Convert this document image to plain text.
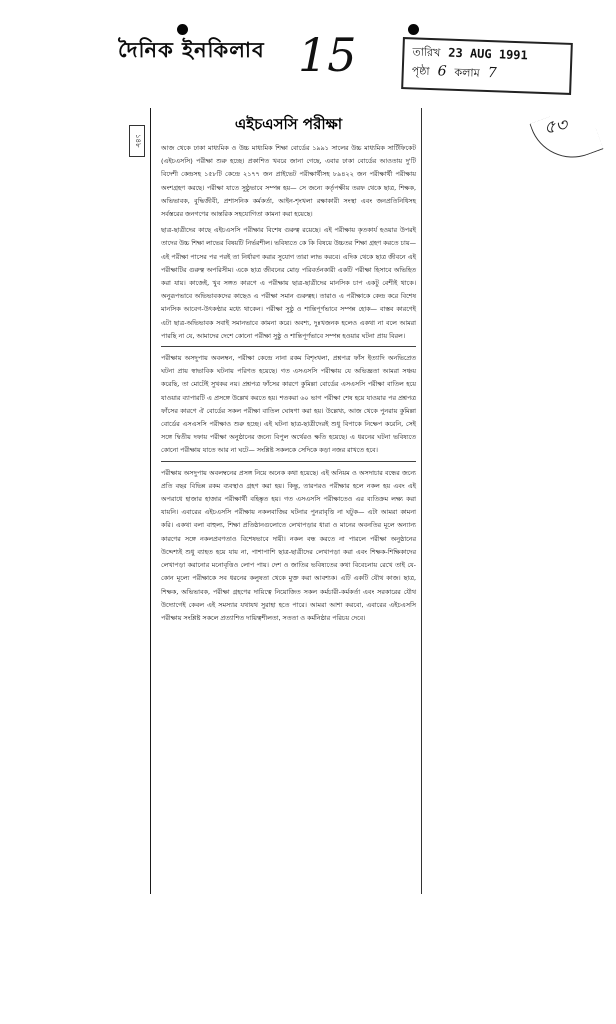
দৈনিক ইনকিলাব 15	তারিখ 23 AUG 1991
পৃষ্ঠা 6 কলাম 7
৫৩
১৪৮
এইচএসসি পরীক্ষা

আজ থেকে ঢাকা মাধ্যমিক ও উচ্চ মাধ্যমিক শিক্ষা বোর্ডের ১৯৯১ সালের উচ্চ মাধ্যমিক সার্টিফিকেট (এইচএসসি) পরীক্ষা শুরু হচ্ছে। প্রকাশিত খবরে জানা গেছে, এবার ঢাকা বোর্ডের আওতায় দু'টি বিদেশী কেন্দ্রসহ ১৫৮টি কেন্দ্রে ২১৭৭ জন প্রাইভেট পরীক্ষার্থীসহ ৮৯৪২২ জন পরীক্ষার্থী পরীক্ষায় অংশগ্রহণ করছে। পরীক্ষা যাতে সুষ্ঠুভাবে সম্পন্ন হয়— সে জন্যে কর্তৃপক্ষীয় তরফ থেকে ছাত্র, শিক্ষক, অভিভাবক, বুদ্ধিজীবী, প্রশাসনিক কর্মকর্তা, আইন-শৃংখলা রক্ষাকারী সংস্থা এবং জনপ্রতিনিধিসহ সর্বস্তরের জনগণের আন্তরিক সহযোগিতা কামনা করা হয়েছে।

ছাত্র-ছাত্রীদের কাছে এইচএসসি পরীক্ষার বিশেষ গুরুত্ব রয়েছে। এই পরীক্ষায় কৃতকার্য হওয়ার উপরই তাদের উচ্চ শিক্ষা লাভের বিষয়টি নির্ভরশীল। ভবিষ্যতে কে কি বিষয়ে উচ্চতর শিক্ষা গ্রহণ করতে চায়— এই পরীক্ষা পাসের পর পরই তা নির্ধারণ করার সুযোগ তারা লাভ করবে। এদিক থেকে ছাত্র জীবনে এই পরীক্ষাটির গুরুত্ব অপরিসীম। একে ছাত্র জীবনের মোড় পরিবর্তনকারী একটি পরীক্ষা হিসাবে অভিহিত করা যায়। কাজেই, খুব সঙ্গত কারণে এ পরীক্ষায় ছাত্র-ছাত্রীদের মানসিক চাপ একটু বেশীই থাকে। অনুরূপভাবে অভিভাবকদের কাছেও এ পরীক্ষা সমান গুরুত্বহ। তারাও এ পরীক্ষাকে কেন্দ্র করে বিশেষ মানসিক আবেগ-উৎকণ্ঠার মধ্যে থাকেন। পরীক্ষা সুষ্ঠু ও শান্তিপূর্ণভাবে সম্পন্ন হোক— বাস্তব কারণেই এটা ছাত্র-অভিভাবক সবাই সমানভাবে কামনা করে। অবশ্য, দুঃখজনক হলেও একথা না বলে আমরা পারছি না যে, আমাদের দেশে কোনো পরীক্ষা সুষ্ঠু ও শান্তিপূর্ণভাবে সম্পন্ন হওয়ার ঘটনা প্রায় বিরল।

পরীক্ষায় অসদুপায় অবলম্বন, পরীক্ষা কেন্দ্রে নানা রকম বিশৃংখলা, প্রশ্নপত্র ফাঁস ইত্যাদি অনভিপ্রেত ঘটনা প্রায় স্বাভাবিক ঘটনায় পরিণত হয়েছে। গত এসএসসি পরীক্ষায় যে অভিজ্ঞতা আমরা সঞ্চয় করেছি, তা মোটেই সুখকর নয়। প্রশ্নপত্র ফাঁসের কারণে কুমিল্লা বোর্ডের এসএসসি পরীক্ষা বাতিল হয়ে যাওয়ার ব্যাপারটি এ প্রসঙ্গে উল্লেখ করতে হয়। শতকরা ৬০ ভাগ পরীক্ষা শেষ হয়ে যাওয়ার পর প্রশ্নপত্র ফাঁসের কারণে ঐ বোর্ডের সকল পরীক্ষা বাতিল ঘোষণা করা হয়। উল্লেখ্য, আজ থেকে পুনরায় কুমিল্লা বোর্ডের এসএসসি পরীক্ষাও শুরু হচ্ছে। এই ঘটনা ছাত্র-ছাত্রীদেরই শুধু বিপাকে নিক্ষেপ করেনি, সেই সঙ্গে দ্বিতীয় দফায় পরীক্ষা অনুষ্ঠানের জন্যে বিপুল অর্থেরও ক্ষতি হয়েছে। এ ধরনের ঘটনা ভবিষ্যতে কোনো পরীক্ষায় যাতে আর না ঘটে— সংশ্লিষ্ট সকলকে সেদিকে কড়া নজর রাখতে হবে।

পরীক্ষায় অসদুপায় অবলম্বনের প্রসঙ্গ নিয়ে অনেক কথা হয়েছে। এই অনিয়ম ও অসদাচার বন্ধের জন্যে প্রতি বছর বিভিন্ন রকম ব্যবস্থাও গ্রহণ করা হয়। কিন্তু, তারপরও পরীক্ষার হলে নকল হয় এবং এই অপরাধে হাজার হাজার পরীক্ষার্থী বহিষ্কৃত হয়। গত এসএসসি পরীক্ষাতেও এর ব্যতিক্রম লক্ষ্য করা যায়নি। এবারের এইচএসসি পরীক্ষায় নকলবাজির ঘটনার পুনরাবৃত্তি না ঘটুক— এটা আমরা কামনা করি। একথা বলা বাহুল্য, শিক্ষা প্রতিষ্ঠানগুলোতে লেখাপড়ার ধারা ও মানের অবনতির মূলে অন্যান্য কারণের সঙ্গে নকলপ্রবণতাও বিশেষভাবে দায়ী। নকল বন্ধ করতে না পারলে পরীক্ষা অনুষ্ঠানের উদ্দেশ্যই শুধু ব্যাহত হয়ে যায় না, পাশাপাশি ছাত্র-ছাত্রীদের লেখাপড়া করা এবং শিক্ষক-শিক্ষিকাদের লেখাপড়া করানোর মনোবৃত্তিও লোপ পায়। দেশ ও জাতির ভবিষ্যতের কথা বিবেচনায় রেখে তাই যে-কোন মূল্যে পরীক্ষাকে সব ধরনের কলুষতা থেকে মুক্ত করা আবশ্যক। এটি একটি যৌথ কাজ। ছাত্র, শিক্ষক, অভিভাবক, পরীক্ষা গ্রহণের দায়িত্বে নিয়োজিত সকল কর্মচারী-কর্মকর্তা এবং সরকারের যৌথ উদ্যোগেই কেবল এই সমস্যার যথাযথ সুরাহা হতে পারে। আমরা আশা করবো, এবারের এইচএসসি পরীক্ষায় সংশ্লিষ্ট সকলে প্রত্যাশিত দায়িত্বশীলতা, সততা ও কর্মনিষ্ঠার পরিচয় দেবে।
